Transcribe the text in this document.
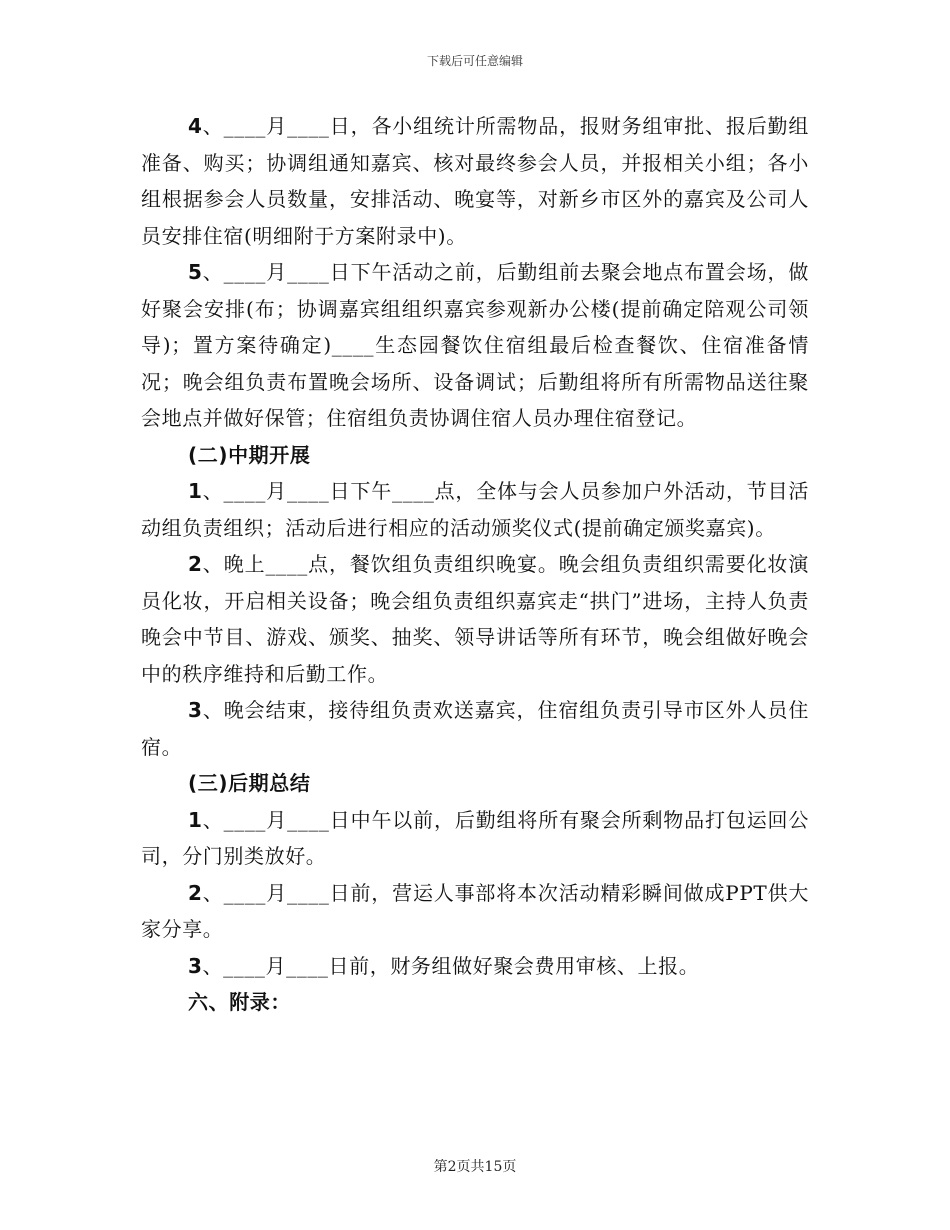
下载后可任意编辑

4、____月____日，各小组统计所需物品，报财务组审批、报后勤组准备、购买；协调组通知嘉宾、核对最终参会人员，并报相关小组；各小组根据参会人员数量，安排活动、晚宴等，对新乡市区外的嘉宾及公司人员安排住宿(明细附于方案附录中)。

5、____月____日下午活动之前，后勤组前去聚会地点布置会场，做好聚会安排(布；协调嘉宾组组织嘉宾参观新办公楼(提前确定陪观公司领导)；置方案待确定)____生态园餐饮住宿组最后检查餐饮、住宿准备情况；晚会组负责布置晚会场所、设备调试；后勤组将所有所需物品送往聚会地点并做好保管；住宿组负责协调住宿人员办理住宿登记。

(二)中期开展

1、____月____日下午____点，全体与会人员参加户外活动，节目活动组负责组织；活动后进行相应的活动颁奖仪式(提前确定颁奖嘉宾)。

2、晚上____点，餐饮组负责组织晚宴。晚会组负责组织需要化妆演员化妆，开启相关设备；晚会组负责组织嘉宾走“拱门”进场，主持人负责晚会中节目、游戏、颁奖、抽奖、领导讲话等所有环节，晚会组做好晚会中的秩序维持和后勤工作。

3、晚会结束，接待组负责欢送嘉宾，住宿组负责引导市区外人员住宿。

(三)后期总结

1、____月____日中午以前，后勤组将所有聚会所剩物品打包运回公司，分门别类放好。

2、____月____日前，营运人事部将本次活动精彩瞬间做成PPT供大家分享。

3、____月____日前，财务组做好聚会费用审核、上报。

六、附录：

第2页共15页
